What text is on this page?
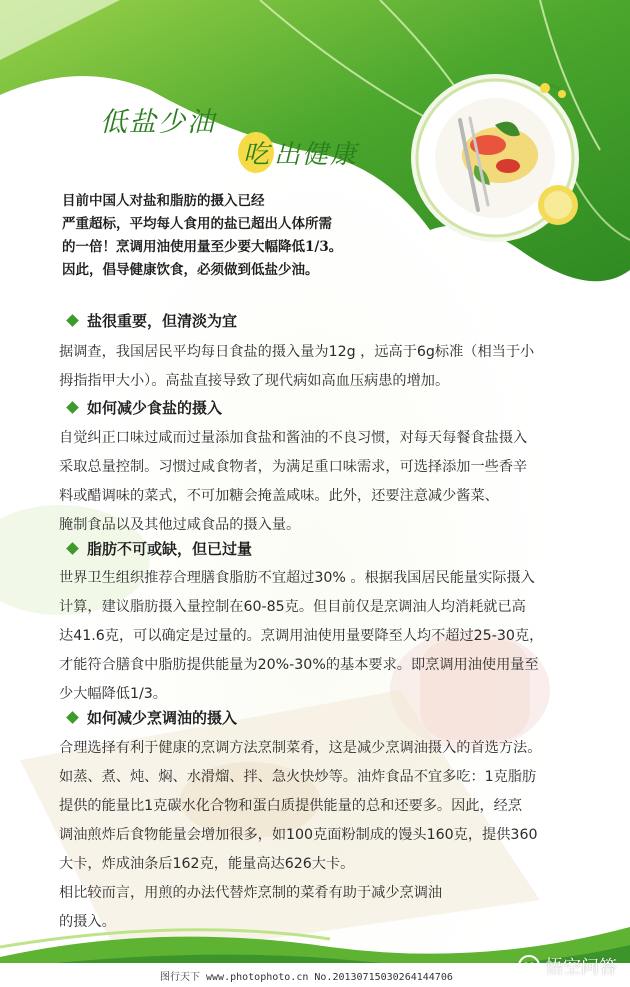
低盐少油
吃 出健康
目前中国人对盐和脂肪的摄入已经
严重超标，平均每人食用的盐已超出人体所需
的一倍！烹调用油使用量至少要大幅降低1/3。
因此，倡导健康饮食，必须做到低盐少油。
盐很重要，但清淡为宜
据调查，我国居民平均每日食盐的摄入量为12g ，远高于6g标准（相当于小
拇指指甲大小）。高盐直接导致了现代病如高血压病患的增加。
如何减少食盐的摄入
自觉纠正口味过咸而过量添加食盐和酱油的不良习惯，对每天每餐食盐摄入
采取总量控制。习惯过咸食物者，为满足重口味需求，可选择添加一些香辛
料或醋调味的菜式，不可加糖会掩盖咸味。此外，还要注意减少酱菜、
腌制食品以及其他过咸食品的摄入量。
脂肪不可或缺，但已过量
世界卫生组织推荐合理膳食脂肪不宜超过30% 。根据我国居民能量实际摄入
计算，建议脂肪摄入量控制在60-85克。但目前仅是烹调油人均消耗就已高
达41.6克，可以确定是过量的。烹调用油使用量要降至人均不超过25-30克，
才能符合膳食中脂肪提供能量为20%-30%的基本要求。即烹调用油使用量至
少大幅降低1/3。
如何减少烹调油的摄入
合理选择有利于健康的烹调方法烹制菜肴，这是减少烹调油摄入的首选方法。
如蒸、煮、炖、焖、水滑熘、拌、急火快炒等。油炸食品不宜多吃：1克脂肪
提供的能量比1克碳水化合物和蛋白质提供能量的总和还要多。因此，经烹
调油煎炸后食物能量会增加很多，如100克面粉制成的馒头160克，提供360
大卡，炸成油条后162克，能量高达626大卡。
相比较而言，用煎的办法代替炸烹制的菜肴有助于减少烹调油
的摄入。
图行天下 www.photophoto.cn No.20130715030264144706	悟空问答
